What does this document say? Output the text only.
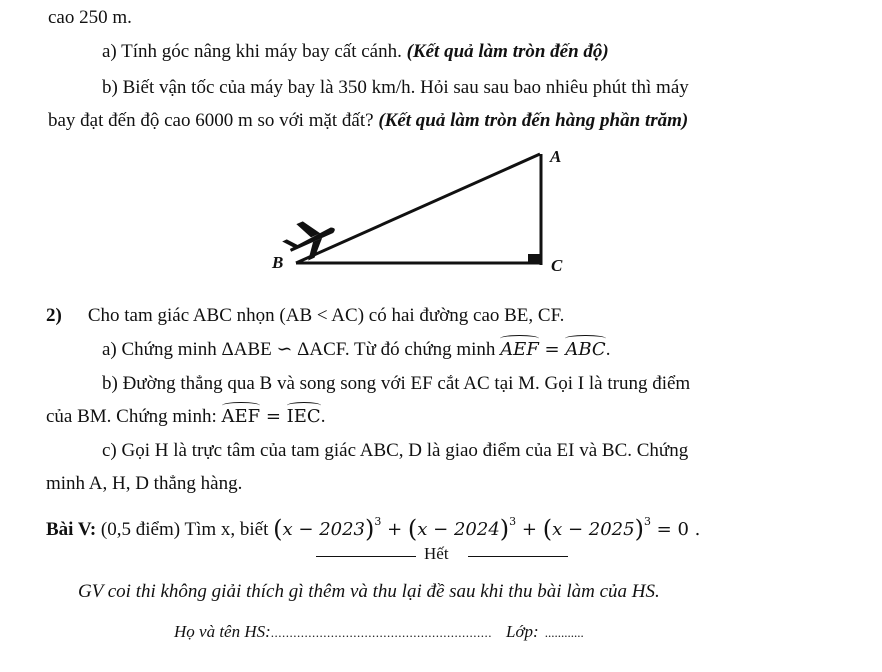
cao 250 m.
a) Tính góc nâng khi máy bay cất cánh. (Kết quả làm tròn đến độ)
b) Biết vận tốc của máy bay là 350 km/h. Hỏi sau sau bao nhiêu phút thì máy
bay đạt đến độ cao 6000 m so với mặt đất? (Kết quả làm tròn đến hàng phần trăm)
A
B	C
2) Cho tam giác ABC nhọn (AB < AC) có hai đường cao BE, CF.
a) Chứng minh ΔABE ∽ ΔACF. Từ đó chứng minh AEF = ABC.
b) Đường thẳng qua B và song song với EF cắt AC tại M. Gọi I là trung điểm
của BM. Chứng minh: AEF = IEC.
c) Gọi H là trực tâm của tam giác ABC, D là giao điểm của EI và BC. Chứng
minh A, H, D thẳng hàng.
Bài V: (0,5 điểm) Tìm x, biết $(x - 2023)^3 + (x - 2024)^3 + (x - 2025)^3 = 0$ .
Hết
GV coi thi không giải thích gì thêm và thu lại đề sau khi thu bài làm của HS.
Họ và tên HS:........................................................... Lớp: ............
